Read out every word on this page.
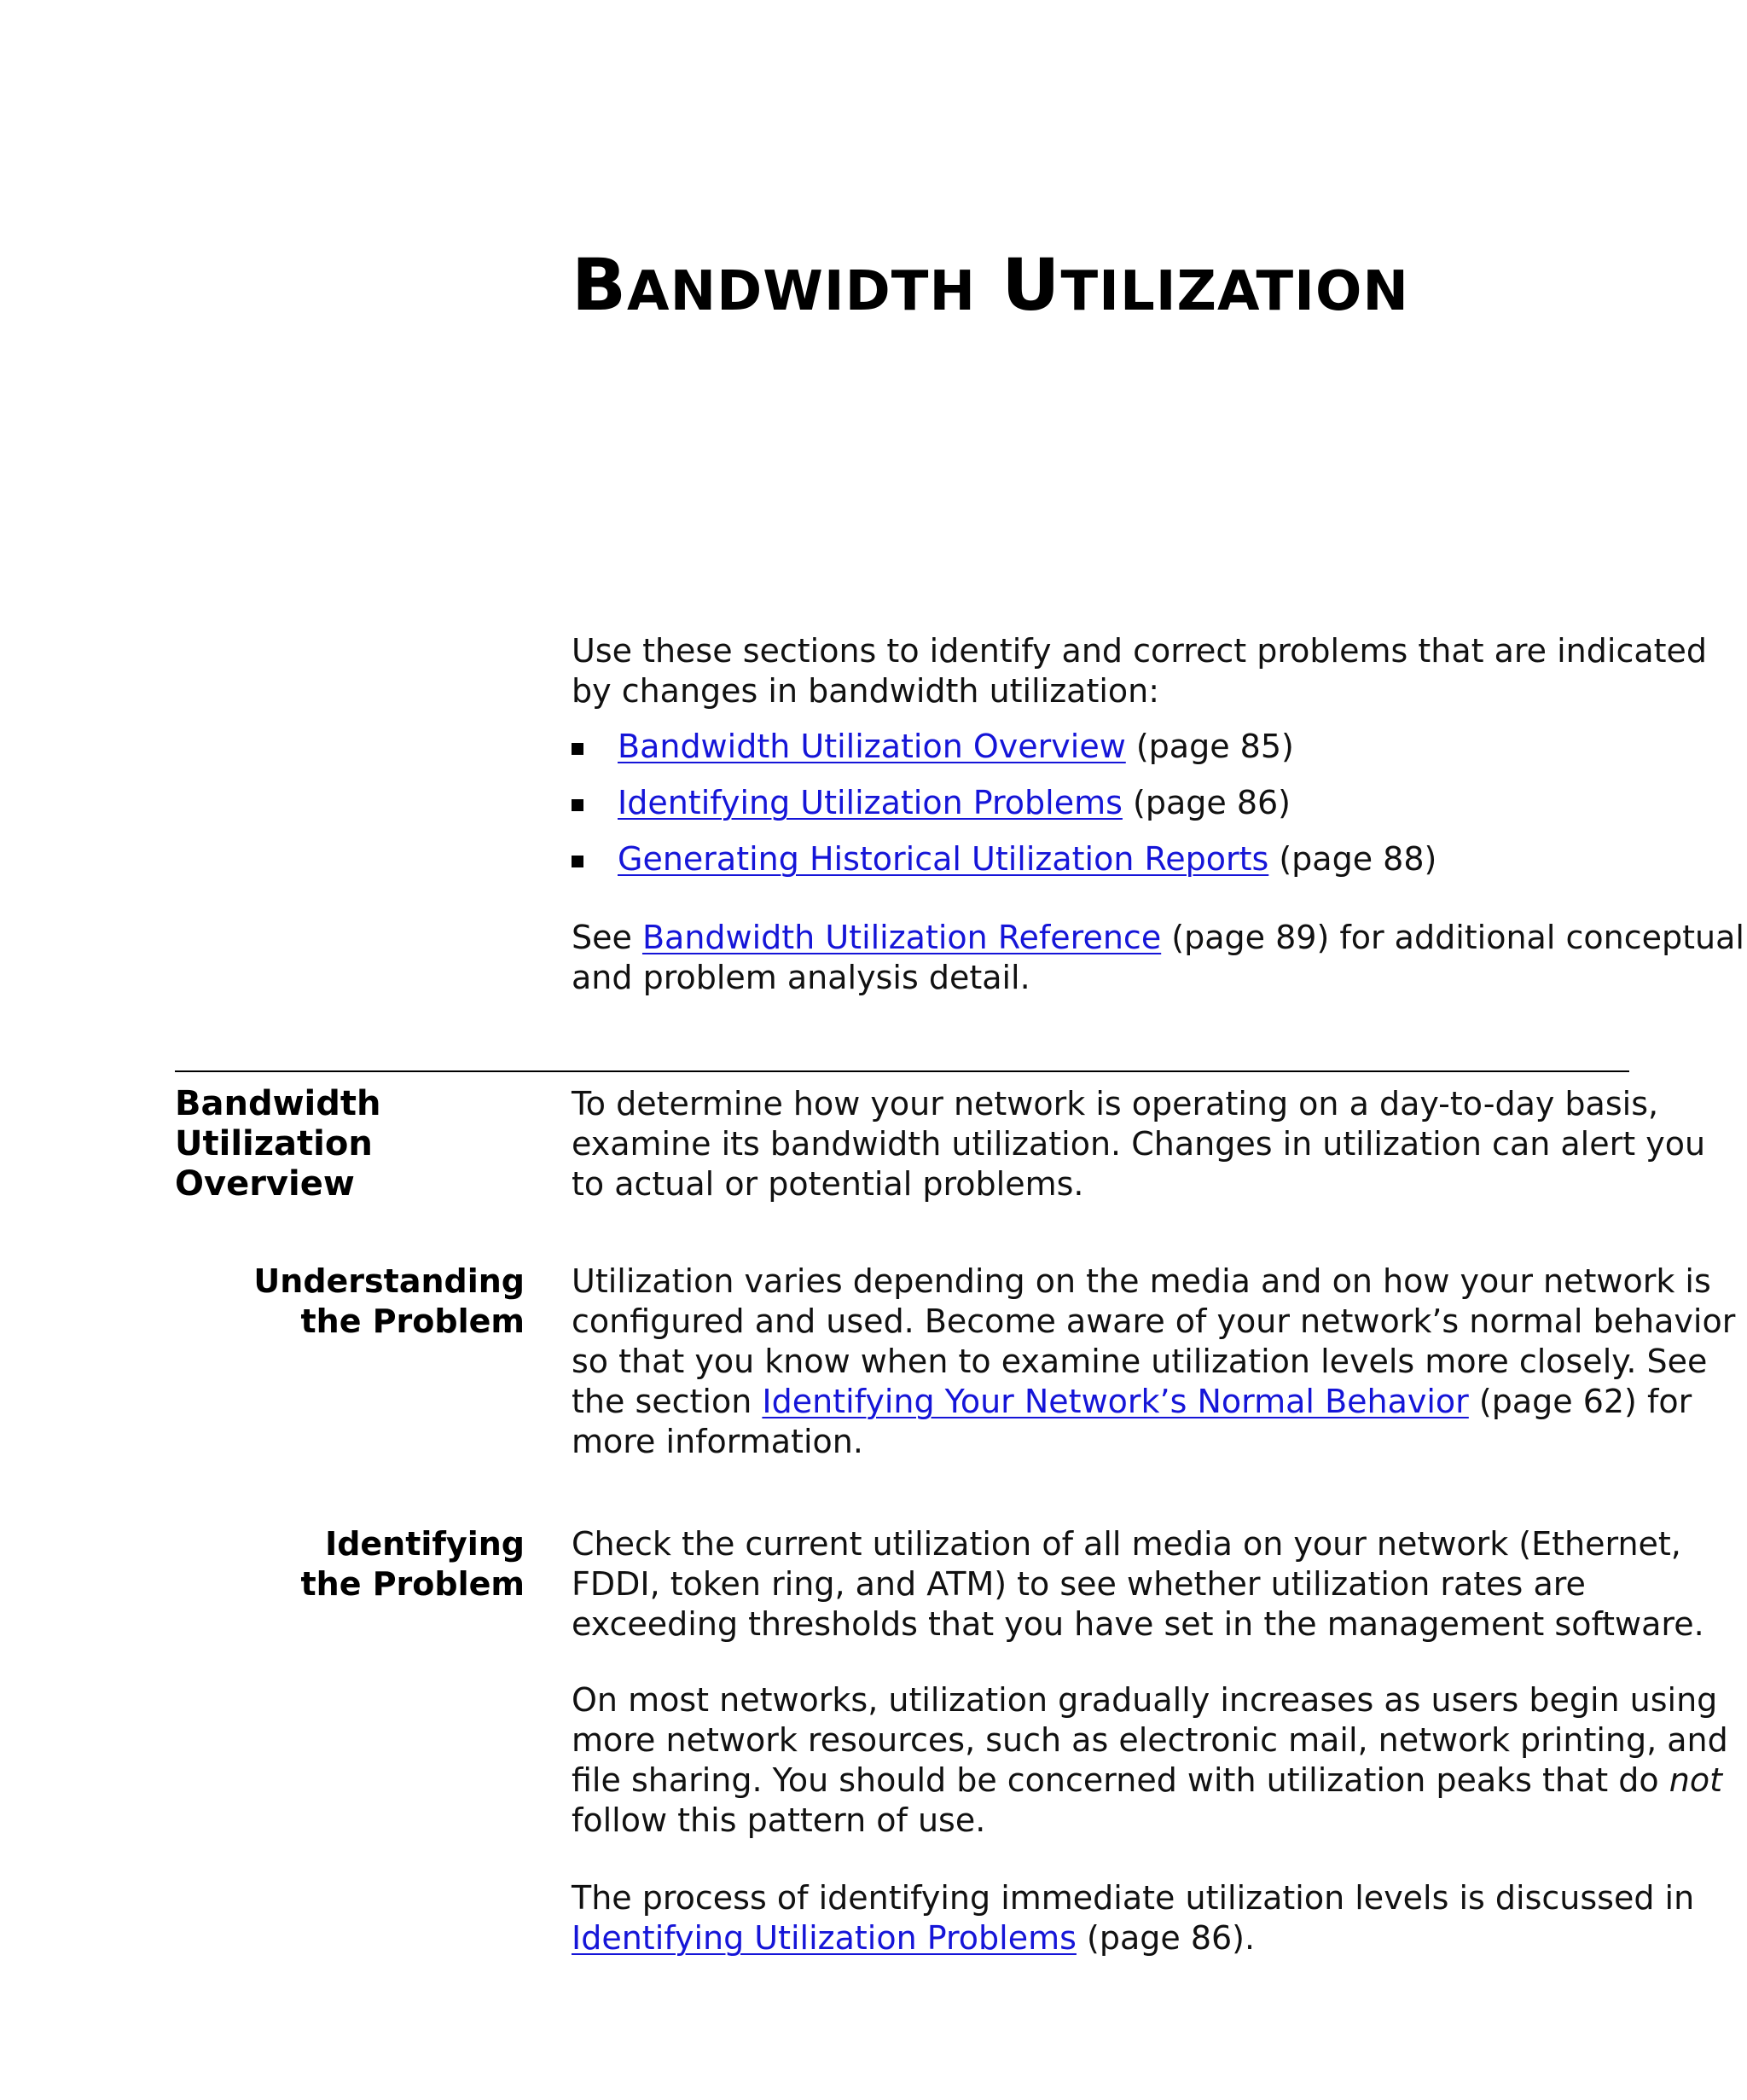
BANDWIDTH UTILIZATION

Use these sections to identify and correct problems that are indicated

by changes in bandwidth utilization:

Bandwidth Utilization Overview (page 85)
Identifying Utilization Problems (page 86)
Generating Historical Utilization Reports (page 88)

See Bandwidth Utilization Reference (page 89) for additional conceptual

and problem analysis detail.

Bandwidth

Utilization

Overview

To determine how your network is operating on a day-to-day basis,

examine its bandwidth utilization. Changes in utilization can alert you

to actual or potential problems.

Understanding

the Problem

Utilization varies depending on the media and on how your network is

configured and used. Become aware of your network’s normal behavior

so that you know when to examine utilization levels more closely. See

the section Identifying Your Network’s Normal Behavior (page 62) for

more information.

Identifying

the Problem

Check the current utilization of all media on your network (Ethernet,

FDDI, token ring, and ATM) to see whether utilization rates are

exceeding thresholds that you have set in the management software.

On most networks, utilization gradually increases as users begin using

more network resources, such as electronic mail, network printing, and

file sharing. You should be concerned with utilization peaks that do not

follow this pattern of use.

The process of identifying immediate utilization levels is discussed in

Identifying Utilization Problems (page 86).
